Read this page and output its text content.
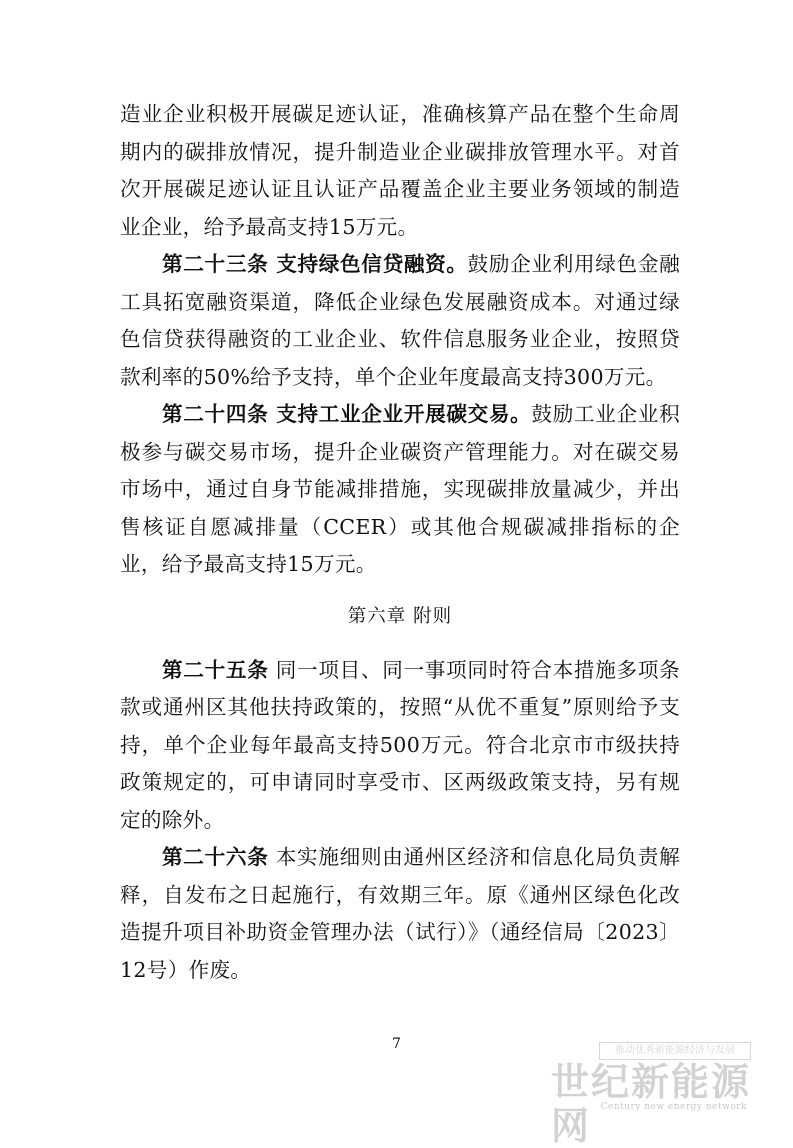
造业企业积极开展碳足迹认证，准确核算产品在整个生命周期内的碳排放情况，提升制造业企业碳排放管理水平。对首次开展碳足迹认证且认证产品覆盖企业主要业务领域的制造业企业，给予最高支持15万元。

第二十三条 支持绿色信贷融资。鼓励企业利用绿色金融工具拓宽融资渠道，降低企业绿色发展融资成本。对通过绿色信贷获得融资的工业企业、软件信息服务业企业，按照贷款利率的50%给予支持，单个企业年度最高支持300万元。

第二十四条 支持工业企业开展碳交易。鼓励工业企业积极参与碳交易市场，提升企业碳资产管理能力。对在碳交易市场中，通过自身节能减排措施，实现碳排放量减少，并出售核证自愿减排量（CCER）或其他合规碳减排指标的企业，给予最高支持15万元。

第六章 附则

第二十五条 同一项目、同一事项同时符合本措施多项条款或通州区其他扶持政策的，按照“从优不重复”原则给予支持，单个企业每年最高支持500万元。符合北京市市级扶持政策规定的，可申请同时享受市、区两级政策支持，另有规定的除外。

第二十六条 本实施细则由通州区经济和信息化局负责解释，自发布之日起施行，有效期三年。原《通州区绿色化改造提升项目补助资金管理办法（试行）》（通经信局〔2023〕12号）作废。

7	推动优秀新能源经济与发展
世纪新能源网	Century new energy network
